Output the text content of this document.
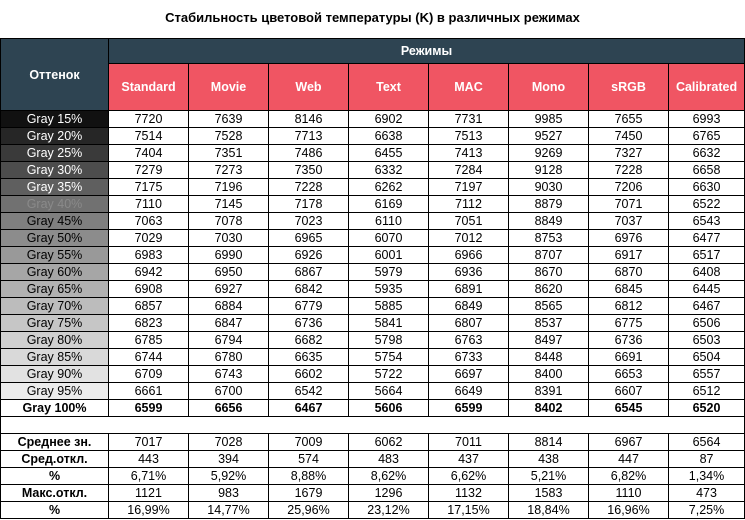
Стабильность цветовой температуры (K) в различных режимах
Оттенок	Режимы							
	Standard	Movie	Web	Text	MAC	Mono	sRGB	Calibrated
Gray 15%	7720	7639	8146	6902	7731	9985	7655	6993
Gray 20%	7514	7528	7713	6638	7513	9527	7450	6765
Gray 25%	7404	7351	7486	6455	7413	9269	7327	6632
Gray 30%	7279	7273	7350	6332	7284	9128	7228	6658
Gray 35%	7175	7196	7228	6262	7197	9030	7206	6630
Gray 40%	7110	7145	7178	6169	7112	8879	7071	6522
Gray 45%	7063	7078	7023	6110	7051	8849	7037	6543
Gray 50%	7029	7030	6965	6070	7012	8753	6976	6477
Gray 55%	6983	6990	6926	6001	6966	8707	6917	6517
Gray 60%	6942	6950	6867	5979	6936	8670	6870	6408
Gray 65%	6908	6927	6842	5935	6891	8620	6845	6445
Gray 70%	6857	6884	6779	5885	6849	8565	6812	6467
Gray 75%	6823	6847	6736	5841	6807	8537	6775	6506
Gray 80%	6785	6794	6682	5798	6763	8497	6736	6503
Gray 85%	6744	6780	6635	5754	6733	8448	6691	6504
Gray 90%	6709	6743	6602	5722	6697	8400	6653	6557
Gray 95%	6661	6700	6542	5664	6649	8391	6607	6512
Gray 100%	6599	6656	6467	5606	6599	8402	6545	6520

Среднее зн.	7017	7028	7009	6062	7011	8814	6967	6564
Сред.откл.	443	394	574	483	437	438	447	87
%	6,71%	5,92%	8,88%	8,62%	6,62%	5,21%	6,82%	1,34%
Макс.откл.	1121	983	1679	1296	1132	1583	1110	473
%	16,99%	14,77%	25,96%	23,12%	17,15%	18,84%	16,96%	7,25%
